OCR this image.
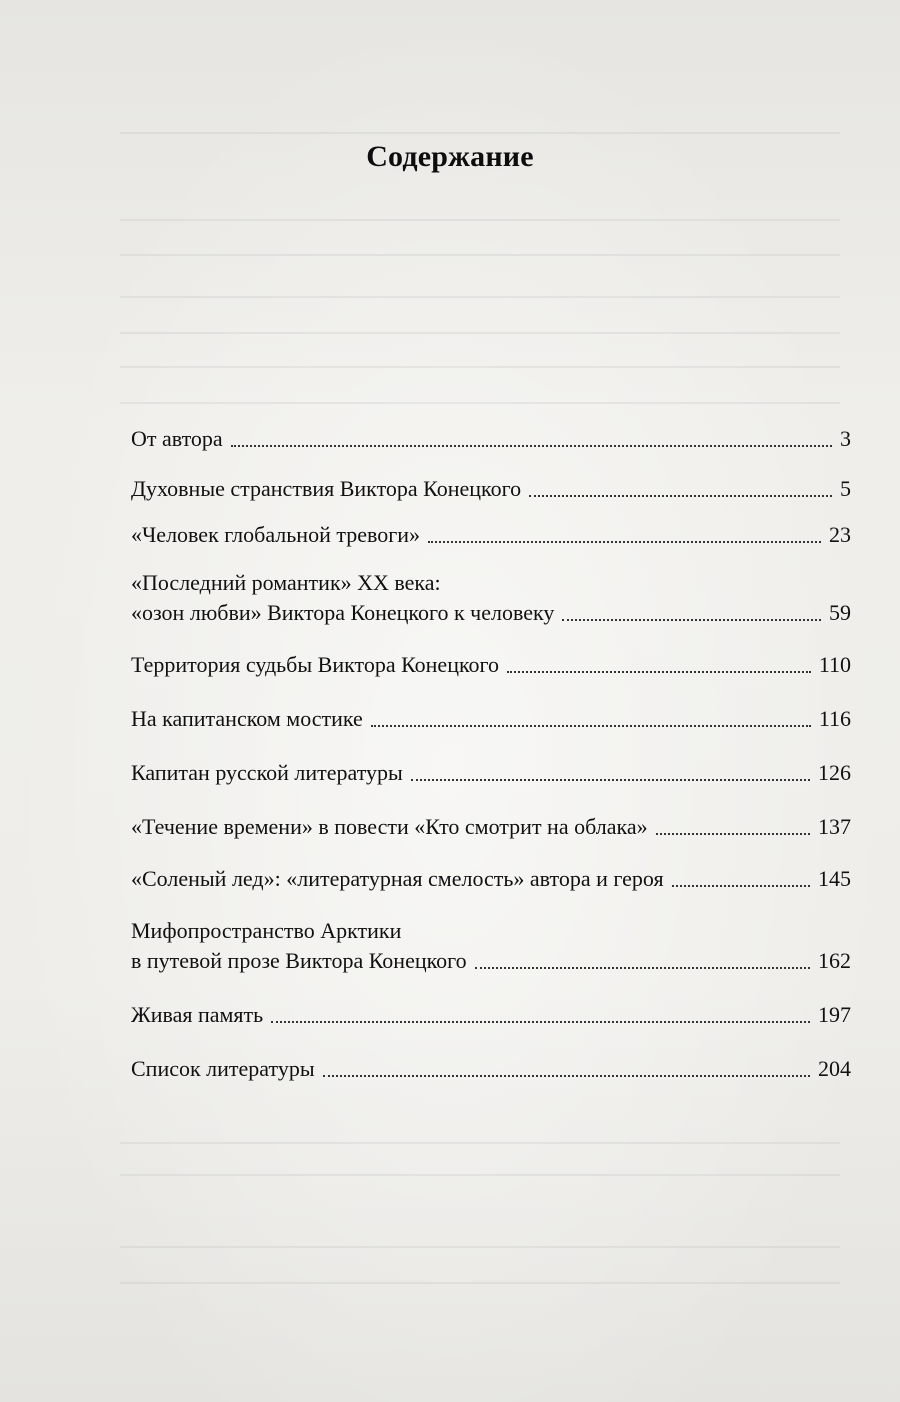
Содержание
От автора	3
Духовные странствия Виктора Конецкого	5
«Человек глобальной тревоги»	23
«Последний романтик» XX века:
«озон любви» Виктора Конецкого к человеку	59
Территория судьбы Виктора Конецкого	110
На капитанском мостике	116
Капитан русской литературы	126
«Течение времени» в повести «Кто смотрит на облака»	137
«Соленый лед»: «литературная смелость» автора и героя	145
Мифопространство Арктики
в путевой прозе Виктора Конецкого	162
Живая память	197
Список литературы	204
